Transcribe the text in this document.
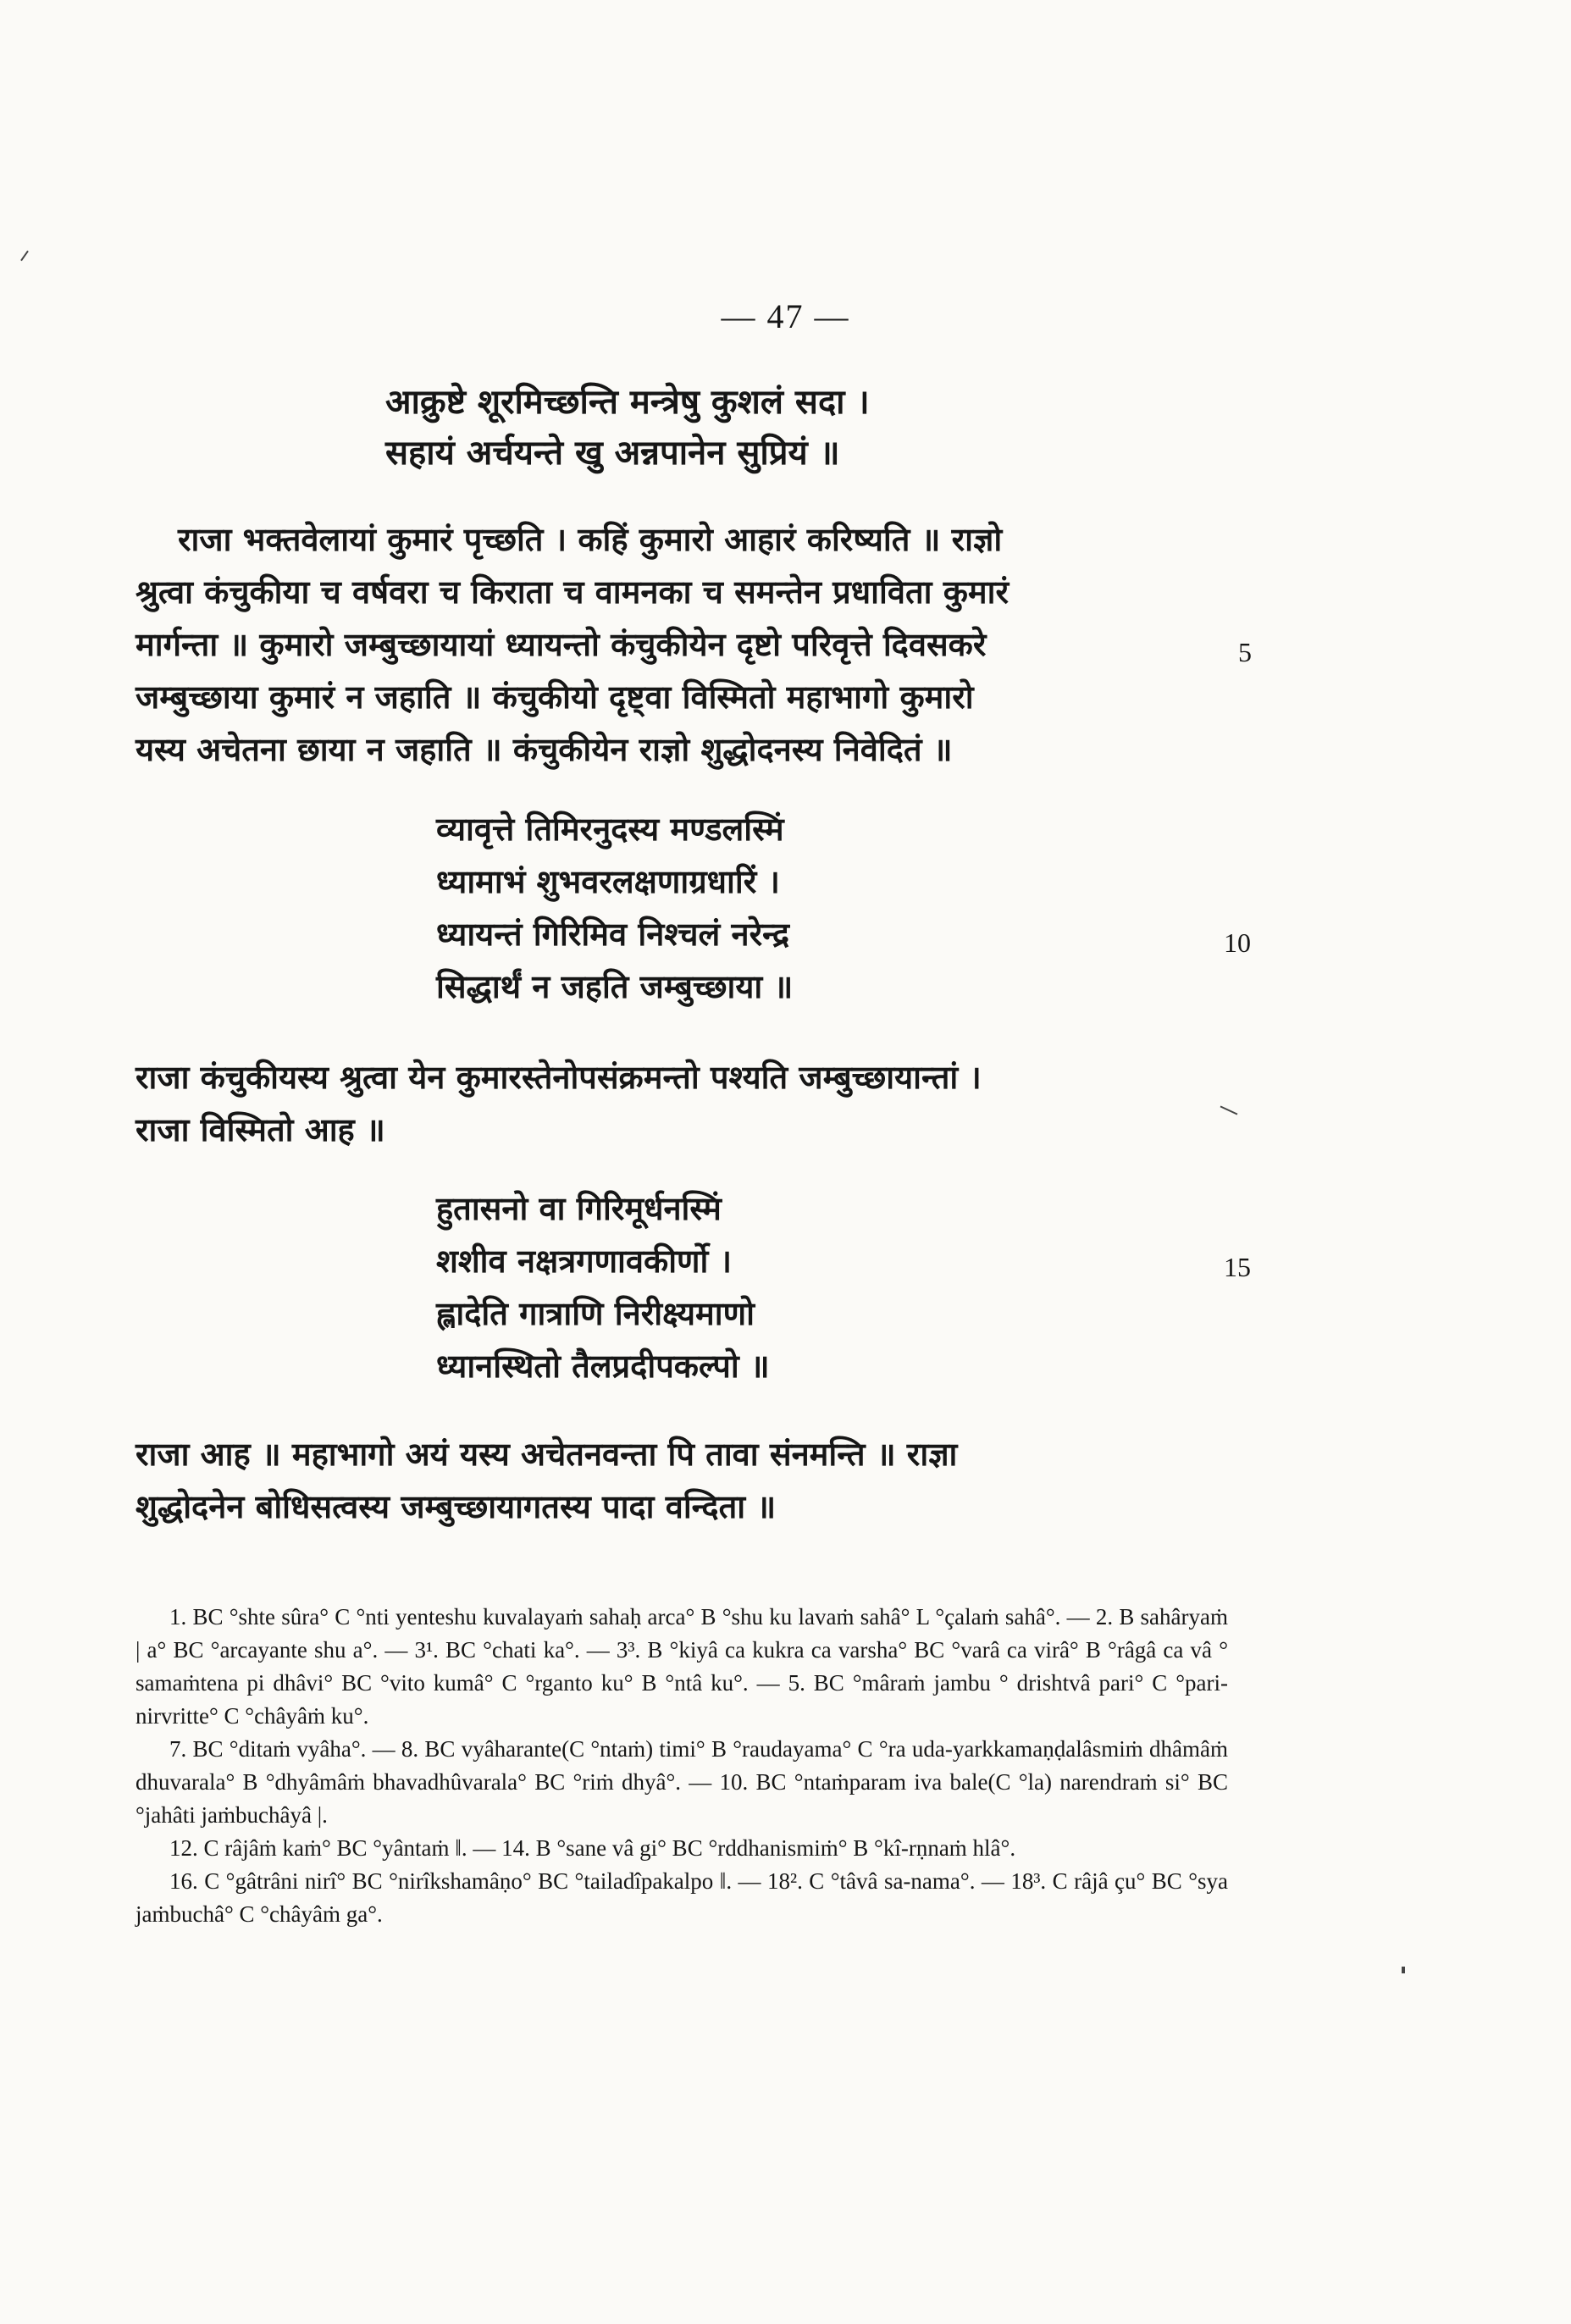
— 47 —
आक्रुष्टे शूरमिच्छन्ति मन्त्रेषु कुशलं सदा ।
सहायं अर्चयन्ते खु अन्नपानेन सुप्रियं ॥
राजा भक्तवेलायां कुमारं पृच्छति । कहिं कुमारो आहारं करिष्यति ॥ राज्ञो
श्रुत्वा कंचुकीया च वर्षवरा च किराता च वामनका च समन्तेन प्रधाविता कुमारं
मार्गन्ता ॥ कुमारो जम्बुच्छायायां ध्यायन्तो कंचुकीयेन दृष्टो परिवृत्ते दिवसकरे
जम्बुच्छाया कुमारं न जहाति ॥ कंचुकीयो दृष्ट्वा विस्मितो महाभागो कुमारो
यस्य अचेतना छाया न जहाति ॥ कंचुकीयेन राज्ञो शुद्धोदनस्य निवेदितं ॥
5
व्यावृत्ते तिमिरनुदस्य मण्डलस्मिं
ध्यामाभं शुभवरलक्षणाग्रधारिं ।
ध्यायन्तं गिरिमिव निश्चलं नरेन्द्र
सिद्धार्थं न जहति जम्बुच्छाया ॥
10
राजा कंचुकीयस्य श्रुत्वा येन कुमारस्तेनोपसंक्रमन्तो पश्यति जम्बुच्छायान्तां ।
राजा विस्मितो आह ॥
हुतासनो वा गिरिमूर्धनस्मिं
शशीव नक्षत्रगणावकीर्णो ।
ह्लादेति गात्राणि निरीक्ष्यमाणो
ध्यानस्थितो तैलप्रदीपकल्पो ॥
15
राजा आह ॥ महाभागो अयं यस्य अचेतनवन्ता पि तावा संनमन्ति ॥ राज्ञा
शुद्धोदनेन बोधिसत्वस्य जम्बुच्छायागतस्य पादा वन्दिता ॥

1. BC °shte sûra° C °nti yenteshu kuvalayaṁ sahaḥ arca° B °shu ku lavaṁ sahâ° L °çalaṁ sahâ°. — 2. B sahâryaṁ | a° BC °arcayante shu a°. — 3¹. BC °chati ka°. — 3³. B °kiyâ ca kukra ca varsha° BC °varâ ca virâ° B °râgâ ca vâ ° samaṁtena pi dhâvi° BC °vito kumâ° C °rganto ku° B °ntâ ku°. — 5. BC °mâraṁ jambu ° drishtvâ pari° C °pari-nirvritte° C °châyâṁ ku°.

7. BC °ditaṁ vyâha°. — 8. BC vyâharante(C °ntaṁ) timi° B °raudayama° C °ra uda-yarkkamaṇḍalâsmiṁ dhâmâṁ dhuvarala° B °dhyâmâṁ bhavadhûvarala° BC °riṁ dhyâ°. — 10. BC °ntaṁparam iva bale(C °la) narendraṁ si° BC °jahâti jaṁbuchâyâ |.

12. C râjâṁ kaṁ° BC °yântaṁ ‖. — 14. B °sane vâ gi° BC °rddhanismiṁ° B °kî-rṇnaṁ hlâ°.

16. C °gâtrâni nirî° BC °nirîkshamâṇo° BC °tailadîpakalpo ‖. — 18². C °tâvâ sa-namа°. — 18³. C râjâ çu° BC °sya jaṁbuchâ° C °châyâṁ ga°.
